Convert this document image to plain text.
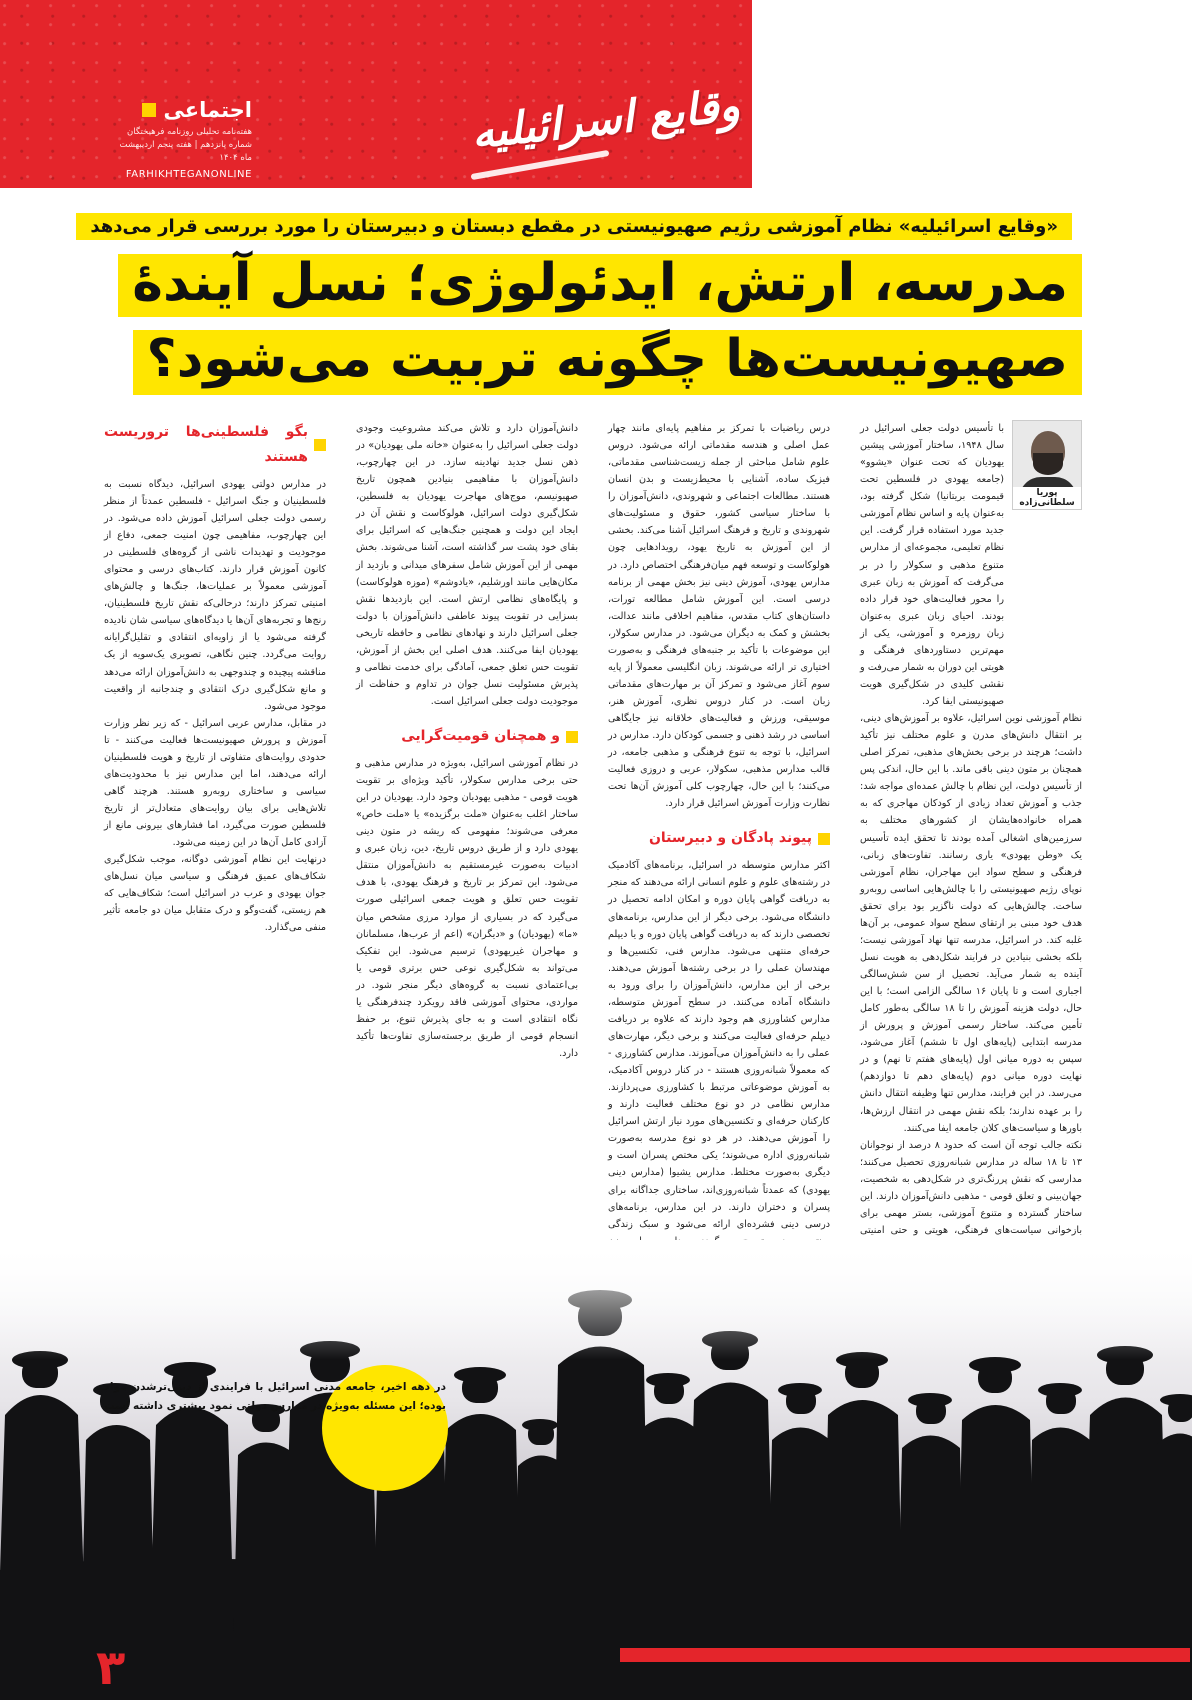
وقایع اسرائیلیه
اجتماعی
هفته‌نامه تحلیلی روزنامه فرهیختگان
شماره پانزدهم | هفته پنجم اردیبهشت ماه ۱۴۰۴
FARHIKHTEGANONLINE
«وقایع اسرائیلیه» نظام آموزشی رژیم صهیونیستی در مقطع دبستان و دبیرستان را مورد بررسی قرار می‌دهد
مدرسه، ارتش، ایدئولوژی؛ نسل آیندهٔ
صهیونیست‌ها چگونه تربیت می‌شود؟

با تأسیس دولت جعلی اسرائیل در سال ۱۹۴۸، ساختار آموزشی پیشین یهودیان که تحت عنوان «یشوو» (جامعه یهودی در فلسطین تحت قیمومت بریتانیا) شکل گرفته بود، به‌عنوان پایه و اساس نظام آموزشی جدید مورد استفاده قرار گرفت. این نظام تعلیمی، مجموعه‌ای از مدارس متنوع مذهبی و سکولار را در بر می‌گرفت که آموزش به زبان عبری را محور فعالیت‌های خود قرار داده بودند. احیای زبان عبری به‌عنوان زبان روزمره و آموزشی، یکی از مهم‌ترین دستاوردهای فرهنگی و هویتی این دوران به شمار می‌رفت و نقشی کلیدی در شکل‌گیری هویت صهیونیستی ایفا کرد.

نظام آموزشی نوین اسرائیل، علاوه بر آموزش‌های دینی، بر انتقال دانش‌های مدرن و علوم مختلف نیز تأکید داشت؛ هرچند در برخی بخش‌های مذهبی، تمرکز اصلی همچنان بر متون دینی باقی ماند. با این حال، اندکی پس از تأسیس دولت، این نظام با چالش عمده‌ای مواجه شد: جذب و آموزش تعداد زیادی از کودکان مهاجری که به همراه خانواده‌هایشان از کشورهای مختلف به سرزمین‌های اشغالی آمده بودند تا تحقق ایده تأسیس یک «وطن یهودی» یاری رسانند. تفاوت‌های زبانی، فرهنگی و سطح سواد این مهاجران، نظام آموزشی نوپای رژیم صهیونیستی را با چالش‌هایی اساسی روبه‌رو ساخت. چالش‌هایی که دولت ناگزیر بود برای تحقق هدف خود مبنی بر ارتقای سطح سواد عمومی، بر آن‌ها غلبه کند. در اسرائیل، مدرسه تنها نهاد آموزشی نیست؛ بلکه بخشی بنیادین در فرایند شکل‌دهی به هویت نسل آینده به شمار می‌آید. تحصیل از سن شش‌سالگی اجباری است و تا پایان ۱۶ سالگی الزامی است؛ با این حال، دولت هزینه آموزش را تا ۱۸ سالگی به‌طور کامل تأمین می‌کند. ساختار رسمی آموزش و پرورش از مدرسه ابتدایی (پایه‌های اول تا ششم) آغاز می‌شود، سپس به دوره میانی اول (پایه‌های هفتم تا نهم) و در نهایت دوره میانی دوم (پایه‌های دهم تا دوازدهم) می‌رسد. در این فرایند، مدارس تنها وظیفه انتقال دانش را بر عهده ندارند؛ بلکه نقش مهمی در انتقال ارزش‌ها، باورها و سیاست‌های کلان جامعه ایفا می‌کنند.

نکته جالب توجه آن است که حدود ۸ درصد از نوجوانان ۱۳ تا ۱۸ ساله در مدارس شبانه‌روزی تحصیل می‌کنند؛ مدارسی که نقش پررنگ‌تری در شکل‌دهی به شخصیت، جهان‌بینی و تعلق قومی - مذهبی دانش‌آموزان دارند. این ساختار گسترده و متنوع آموزشی، بستر مهمی برای بازخوانی سیاست‌های فرهنگی، هویتی و حتی امنیتی

درس ریاضیات با تمرکز بر مفاهیم پایه‌ای مانند چهار عمل اصلی و هندسه مقدماتی ارائه می‌شود. دروس علوم شامل مباحثی از جمله زیست‌شناسی مقدماتی، فیزیک ساده، آشنایی با محیط‌زیست و بدن انسان هستند. مطالعات اجتماعی و شهروندی، دانش‌آموزان را با ساختار سیاسی کشور، حقوق و مسئولیت‌های شهروندی و تاریخ و فرهنگ اسرائیل آشنا می‌کند. بخشی از این آموزش به تاریخ یهود، رویدادهایی چون هولوکاست و توسعه فهم میان‌فرهنگی اختصاص دارد. در مدارس یهودی، آموزش دینی نیز بخش مهمی از برنامه درسی است. این آموزش شامل مطالعه تورات، داستان‌های کتاب مقدس، مفاهیم اخلاقی مانند عدالت، بخشش و کمک به دیگران می‌شود. در مدارس سکولار، این موضوعات با تأکید بر جنبه‌های فرهنگی و به‌صورت اختیاری تر ارائه می‌شوند. زبان انگلیسی معمولاً از پایه سوم آغاز می‌شود و تمرکز آن بر مهارت‌های مقدماتی زبان است. در کنار دروس نظری، آموزش هنر، موسیقی، ورزش و فعالیت‌های خلاقانه نیز جایگاهی اساسی در رشد ذهنی و جسمی کودکان دارد. مدارس در اسرائیل، با توجه به تنوع فرهنگی و مذهبی جامعه، در قالب مدارس مذهبی، سکولار، عربی و دروزی فعالیت می‌کنند؛ با این حال، چهارچوب کلی آموزش آن‌ها تحت نظارت وزارت آموزش اسرائیل قرار دارد.

پیوند پادگان و دبیرستان

اکثر مدارس متوسطه در اسرائیل، برنامه‌های آکادمیک در رشته‌های علوم و علوم انسانی ارائه می‌دهند که منجر به دریافت گواهی پایان دوره و امکان ادامه تحصیل در دانشگاه می‌شود. برخی دیگر از این مدارس، برنامه‌های تخصصی دارند که به دریافت گواهی پایان دوره و یا دیپلم حرفه‌ای منتهی می‌شود. مدارس فنی، تکنسین‌ها و مهندسان عملی را در برخی رشته‌ها آموزش می‌دهند. برخی از این مدارس، دانش‌آموزان را برای ورود به دانشگاه آماده می‌کنند. در سطح آموزش متوسطه، مدارس کشاورزی هم وجود دارند که علاوه بر دریافت دیپلم حرفه‌ای فعالیت می‌کنند و برخی دیگر، مهارت‌های عملی را به دانش‌آموزان می‌آموزند. مدارس کشاورزی - که معمولاً شبانه‌روزی هستند - در کنار دروس آکادمیک، به آموزش موضوعاتی مرتبط با کشاورزی می‌پردازند. مدارس نظامی در دو نوع مختلف فعالیت دارند و کارکنان حرفه‌ای و تکنسین‌های مورد نیاز ارتش اسرائیل را آموزش می‌دهند. در هر دو نوع مدرسه به‌صورت شبانه‌روزی اداره می‌شوند؛ یکی مختص پسران است و دیگری به‌صورت مختلط. مدارس یشیوا (مدارس دینی یهودی) که عمدتاً شبانه‌روزی‌اند، ساختاری جداگانه برای پسران و دختران دارند. در این مدارس، برنامه‌های درسی دینی فشرده‌ای ارائه می‌شود و سبک زندگی

دانش‌آموزان دارد و تلاش می‌کند مشروعیت وجودی دولت جعلی اسرائیل را به‌عنوان «خانه ملی یهودیان» در ذهن نسل جدید نهادینه سازد. در این چهارچوب، دانش‌آموزان با مفاهیمی بنیادین همچون تاریخ صهیونیسم، موج‌های مهاجرت یهودیان به فلسطین، شکل‌گیری دولت اسرائیل، هولوکاست و نقش آن در ایجاد این دولت و همچنین جنگ‌هایی که اسرائیل برای بقای خود پشت سر گذاشته است، آشنا می‌شوند. بخش مهمی از این آموزش شامل سفرهای میدانی و بازدید از مکان‌هایی مانند اورشلیم، «یادوشم» (موزه هولوکاست) و پایگاه‌های نظامی ارتش است. این بازدیدها نقش بسزایی در تقویت پیوند عاطفی دانش‌آموزان با دولت جعلی اسرائیل دارند و نهادهای نظامی و حافظه تاریخی یهودیان ایفا می‌کنند. هدف اصلی این بخش از آموزش، تقویت حس تعلق جمعی، آمادگی برای خدمت نظامی و پذیرش مسئولیت نسل جوان در تداوم و حفاظت از موجودیت دولت جعلی اسرائیل است.

و همچنان قومیت‌گرایی

در نظام آموزشی اسرائیل، به‌ویژه در مدارس مذهبی و حتی برخی مدارس سکولار، تأکید ویژه‌ای بر تقویت هویت قومی - مذهبی یهودیان وجود دارد. یهودیان در این ساختار اغلب به‌عنوان «ملت برگزیده» یا «ملت خاص» معرفی می‌شوند؛ مفهومی که ریشه در متون دینی یهودی دارد و از طریق دروس تاریخ، دین، زبان عبری و ادبیات به‌صورت غیرمستقیم به دانش‌آموزان منتقل می‌شود. این تمرکز بر تاریخ و فرهنگ یهودی، با هدف تقویت حس تعلق و هویت جمعی اسرائیلی صورت می‌گیرد که در بسیاری از موارد مرزی مشخص میان «ما» (یهودیان) و «دیگران» (اعم از عرب‌ها، مسلمانان و مهاجران غیریهودی) ترسیم می‌شود. این تفکیک می‌تواند به شکل‌گیری نوعی حس برتری قومی یا بی‌اعتمادی نسبت به گروه‌های دیگر منجر شود. در مواردی، محتوای آموزشی فاقد رویکرد چندفرهنگی یا نگاه انتقادی است و به جای پذیرش تنوع، بر حفظ انسجام قومی از طریق برجسته‌سازی تفاوت‌ها تأکید دارد.

بگو فلسطینی‌ها تروریست هستند

در مدارس دولتی یهودی اسرائیل، دیدگاه نسبت به فلسطینیان و جنگ اسرائیل - فلسطین عمدتاً از منظر رسمی دولت جعلی اسرائیل آموزش داده می‌شود. در این چهارچوب، مفاهیمی چون امنیت جمعی، دفاع از موجودیت و تهدیدات ناشی از گروه‌های فلسطینی در کانون آموزش قرار دارند. کتاب‌های درسی و محتوای آموزشی معمولاً بر عملیات‌ها، جنگ‌ها و چالش‌های امنیتی تمرکز دارند؛ درحالی‌که نقش تاریخ فلسطینیان، رنج‌ها و تجربه‌های آن‌ها یا دیدگاه‌های سیاسی شان نادیده گرفته می‌شود یا از زاویه‌ای انتقادی و تقلیل‌گرایانه روایت می‌گردد. چنین نگاهی، تصویری یک‌سویه از یک مناقشه پیچیده و چندوجهی به دانش‌آموزان ارائه می‌دهد و مانع شکل‌گیری درک انتقادی و چندجانبه از واقعیت موجود می‌شود.

در مقابل، مدارس عربی اسرائیل - که زیر نظر وزارت آموزش و پرورش صهیونیست‌ها فعالیت می‌کنند - تا حدودی روایت‌های متفاوتی از تاریخ و هویت فلسطینیان ارائه می‌دهند، اما این مدارس نیز با محدودیت‌های سیاسی و ساختاری روبه‌رو هستند. هرچند گاهی تلاش‌هایی برای بیان روایت‌های متعادل‌تر از تاریخ فلسطین صورت می‌گیرد، اما فشارهای بیرونی مانع از آزادی کامل آن‌ها در این زمینه می‌شود.

درنهایت این نظام آموزشی دوگانه، موجب شکل‌گیری شکاف‌های عمیق فرهنگی و سیاسی میان نسل‌های جوان یهودی و عرب در اسرائیل است؛ شکاف‌هایی که هم زیستی، گفت‌وگو و درک متقابل میان دو جامعه تأثیر منفی می‌گذارد.

پوریا سلطانی‌زاده

در دهه اخیر، جامعه مدنی اسرائیل با فرایندی از دینی‌ترشدن مواجه بوده؛ این مسئله به‌ویژه در مدارس دولتی نمود بیشتری داشته است

۳
